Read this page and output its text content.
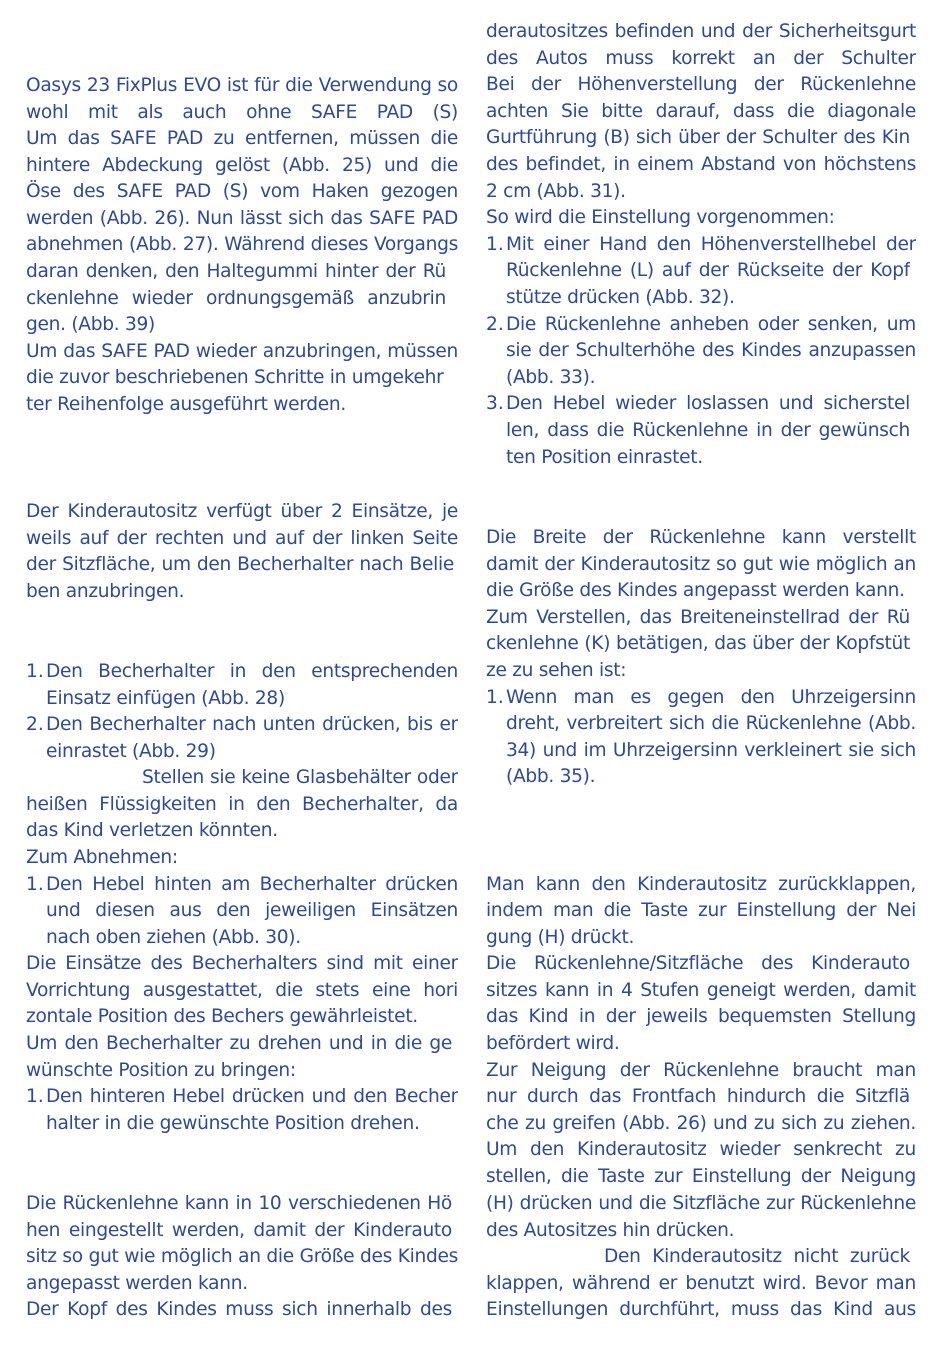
Oasys 23 FixPlus EVO ist für die Verwendung so
wohl mit als auch ohne SAFE PAD (S)
Um das SAFE PAD zu entfernen, müssen die
hintere Abdeckung gelöst (Abb. 25) und die
Öse des SAFE PAD (S) vom Haken gezogen
werden (Abb. 26). Nun lässt sich das SAFE PAD
abnehmen (Abb. 27). Während dieses Vorgangs
daran denken, den Haltegummi hinter der Rü
ckenlehne wieder ordnungsgemäß anzubrin
gen. (Abb. 39)
Um das SAFE PAD wieder anzubringen, müssen
die zuvor beschriebenen Schritte in umgekehr
ter Reihenfolge ausgeführt werden.
Der Kinderautositz verfügt über 2 Einsätze, je
weils auf der rechten und auf der linken Seite
der Sitzfläche, um den Becherhalter nach Belie
ben anzubringen.
1. Den Becherhalter in den entsprechenden
Einsatz einfügen (Abb. 28)
2. Den Becherhalter nach unten drücken, bis er
einrastet (Abb. 29)
Stellen sie keine Glasbehälter oder
heißen Flüssigkeiten in den Becherhalter, da
das Kind verletzen könnten.
Zum Abnehmen:
1. Den Hebel hinten am Becherhalter drücken
und diesen aus den jeweiligen Einsätzen
nach oben ziehen (Abb. 30).
Die Einsätze des Becherhalters sind mit einer
Vorrichtung ausgestattet, die stets eine hori
zontale Position des Bechers gewährleistet.
Um den Becherhalter zu drehen und in die ge
wünschte Position zu bringen:
1. Den hinteren Hebel drücken und den Becher
halter in die gewünschte Position drehen.
Die Rückenlehne kann in 10 verschiedenen Hö
hen eingestellt werden, damit der Kinderauto
sitz so gut wie möglich an die Größe des Kindes
angepasst werden kann.
Der Kopf des Kindes muss sich innerhalb des
derautositzes befinden und der Sicherheitsgurt
des Autos muss korrekt an der Schulter
Bei der Höhenverstellung der Rückenlehne
achten Sie bitte darauf, dass die diagonale
Gurtführung (B) sich über der Schulter des Kin
des befindet, in einem Abstand von höchstens
2 cm (Abb. 31).
So wird die Einstellung vorgenommen:
1. Mit einer Hand den Höhenverstellhebel der
Rückenlehne (L) auf der Rückseite der Kopf
stütze drücken (Abb. 32).
2. Die Rückenlehne anheben oder senken, um
sie der Schulterhöhe des Kindes anzupassen
(Abb. 33).
3. Den Hebel wieder loslassen und sicherstel
len, dass die Rückenlehne in der gewünsch
ten Position einrastet.
Die Breite der Rückenlehne kann verstellt
damit der Kinderautositz so gut wie möglich an
die Größe des Kindes angepasst werden kann.
Zum Verstellen, das Breiteneinstellrad der Rü
ckenlehne (K) betätigen, das über der Kopfstüt
ze zu sehen ist:
1. Wenn man es gegen den Uhrzeigersinn
dreht, verbreitert sich die Rückenlehne (Abb.
34) und im Uhrzeigersinn verkleinert sie sich
(Abb. 35).
Man kann den Kinderautositz zurückklappen,
indem man die Taste zur Einstellung der Nei
gung (H) drückt.
Die Rückenlehne/Sitzfläche des Kinderauto
sitzes kann in 4 Stufen geneigt werden, damit
das Kind in der jeweils bequemsten Stellung
befördert wird.
Zur Neigung der Rückenlehne braucht man
nur durch das Frontfach hindurch die Sitzflä
che zu greifen (Abb. 26) und zu sich zu ziehen.
Um den Kinderautositz wieder senkrecht zu
stellen, die Taste zur Einstellung der Neigung
(H) drücken und die Sitzfläche zur Rückenlehne
des Autositzes hin drücken.
Den Kinderautositz nicht zurück
klappen, während er benutzt wird. Bevor man
Einstellungen durchführt, muss das Kind aus
